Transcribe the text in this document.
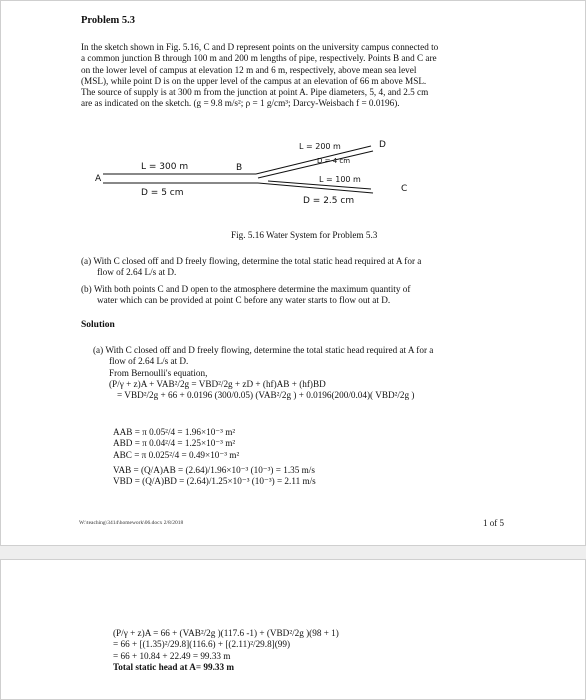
Problem 5.3
In the sketch shown in Fig. 5.16, C and D represent points on the university campus connected to
a common junction B through 100 m and 200 m lengths of pipe, respectively. Points B and C are
on the lower level of campus at elevation 12 m and 6 m, respectively, above mean sea level
(MSL), while point D is on the upper level of the campus at an elevation of 66 m above MSL.
The source of supply is at 300 m from the junction at point A. Pipe diameters, 5, 4, and 2.5 cm
are as indicated on the sketch. (g = 9.8 m/s²; ρ = 1 g/cm³; Darcy-Weisbach f = 0.0196).
A
B
C
D
L = 300 m
D = 5 cm
L = 200 m
D = 4 cm
L = 100 m
D = 2.5 cm
Fig. 5.16 Water System for Problem 5.3
(a) With C closed off and D freely flowing, determine the total static head required at A for a
flow of 2.64 L/s at D.
(b) With both points C and D open to the atmosphere determine the maximum quantity of
water which can be provided at point C before any water starts to flow out at D.
Solution
(a) With C closed off and D freely flowing, determine the total static head required at A for a
flow of 2.64 L/s at D.
From Bernoulli's equation,
(P/γ + z)A + VAB²/2g = VBD²/2g + zD + (hf)AB + (hf)BD
= VBD²/2g + 66 + 0.0196 (300/0.05) (VAB²/2g ) + 0.0196(200/0.04)( VBD²/2g )
AAB = π 0.05²/4 = 1.96×10⁻³ m²
ABD = π 0.04²/4 = 1.25×10⁻³ m²
ABC = π 0.025²/4 = 0.49×10⁻³ m²
VAB = (Q/A)AB = (2.64)/1.96×10⁻³ (10⁻³) = 1.35 m/s
VBD = (Q/A)BD = (2.64)/1.25×10⁻³ (10⁻³) = 2.11 m/s
W:\teaching\3414\homework\06.docx 2/8/2018	1 of 5
(P/γ + z)A = 66 + (VAB²/2g )(117.6 -1) + (VBD²/2g )(98 + 1)
= 66 + [(1.35)²/29.8](116.6) + [(2.11)²/29.8](99)
= 66 + 10.84 + 22.49 = 99.33 m
Total static head at A= 99.33 m
